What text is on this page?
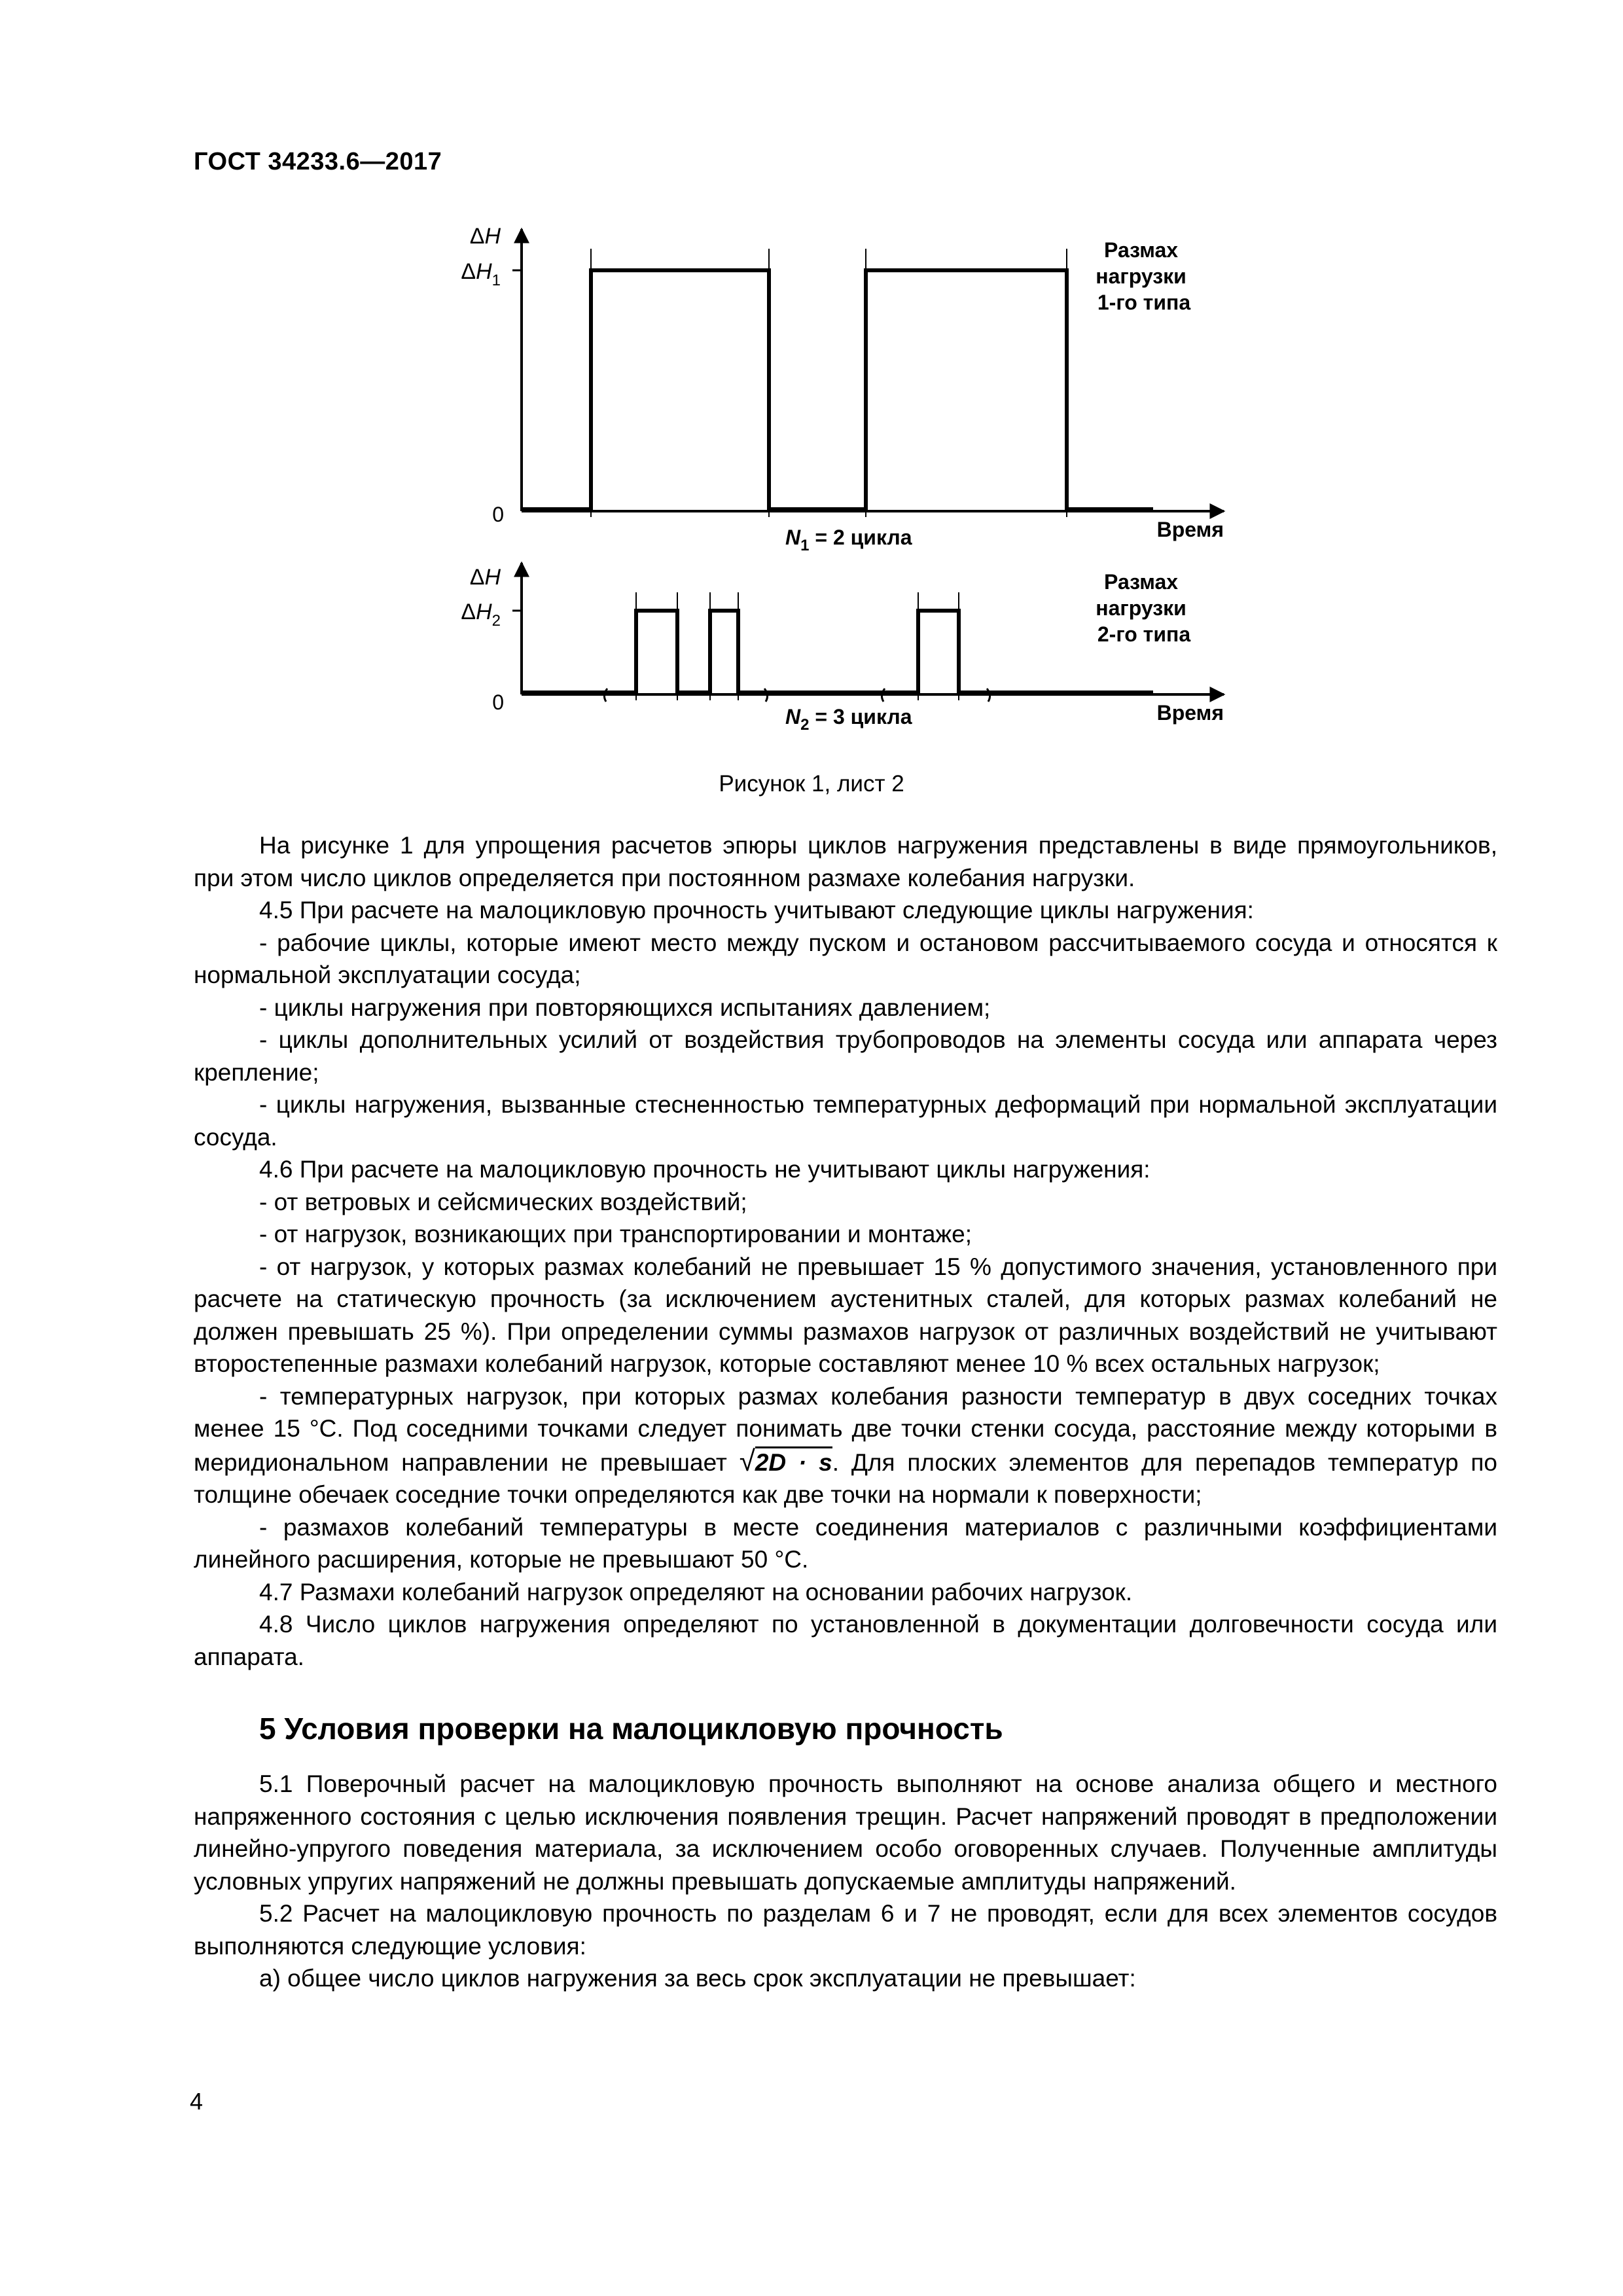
ГОСТ 34233.6—2017
ΔH
$\Delta H_1$
0
Время
Размах нагрузки 1-го типа
$N_1 = 2$ цикла
ΔH
$\Delta H_2$
0	Время
Размах нагрузки 2-го типа
$N_2 = 3$ цикла
Рисунок 1, лист 2

На рисунке 1 для упрощения расчетов эпюры циклов нагружения представлены в виде прямоугольников, при этом число циклов определяется при постоянном размахе колебания нагрузки.

4.5 При расчете на малоцикловую прочность учитывают следующие циклы нагружения:

- рабочие циклы, которые имеют место между пуском и остановом рассчитываемого сосуда и относятся к нормальной эксплуатации сосуда;

- циклы нагружения при повторяющихся испытаниях давлением;

- циклы дополнительных усилий от воздействия трубопроводов на элементы сосуда или аппарата через крепление;

- циклы нагружения, вызванные стесненностью температурных деформаций при нормальной эксплуатации сосуда.

4.6 При расчете на малоцикловую прочность не учитывают циклы нагружения:

- от ветровых и сейсмических воздействий;

- от нагрузок, возникающих при транспортировании и монтаже;

- от нагрузок, у которых размах колебаний не превышает 15 % допустимого значения, установленного при расчете на статическую прочность (за исключением аустенитных сталей, для которых размах колебаний не должен превышать 25 %). При определении суммы размахов нагрузок от различных воздействий не учитывают второстепенные размахи колебаний нагрузок, которые составляют менее 10 % всех остальных нагрузок;

- температурных нагрузок, при которых размах колебания разности температур в двух соседних точках менее 15 °С. Под соседними точками следует понимать две точки стенки сосуда, расстояние между которыми в меридиональном направлении не превышает √2D · s. Для плоских элементов для перепадов температур по толщине обечаек соседние точки определяются как две точки на нормали к поверхности;

- размахов колебаний температуры в месте соединения материалов с различными коэффициентами линейного расширения, которые не превышают 50 °С.

4.7 Размахи колебаний нагрузок определяют на основании рабочих нагрузок.

4.8 Число циклов нагружения определяют по установленной в документации долговечности сосуда или аппарата.

5 Условия проверки на малоцикловую прочность

5.1 Поверочный расчет на малоцикловую прочность выполняют на основе анализа общего и местного напряженного состояния с целью исключения появления трещин. Расчет напряжений проводят в предположении линейно-упругого поведения материала, за исключением особо оговоренных случаев. Полученные амплитуды условных упругих напряжений не должны превышать допускаемые амплитуды напряжений.

5.2 Расчет на малоцикловую прочность по разделам 6 и 7 не проводят, если для всех элементов сосудов выполняются следующие условия:

а) общее число циклов нагружения за весь срок эксплуатации не превышает:

4
